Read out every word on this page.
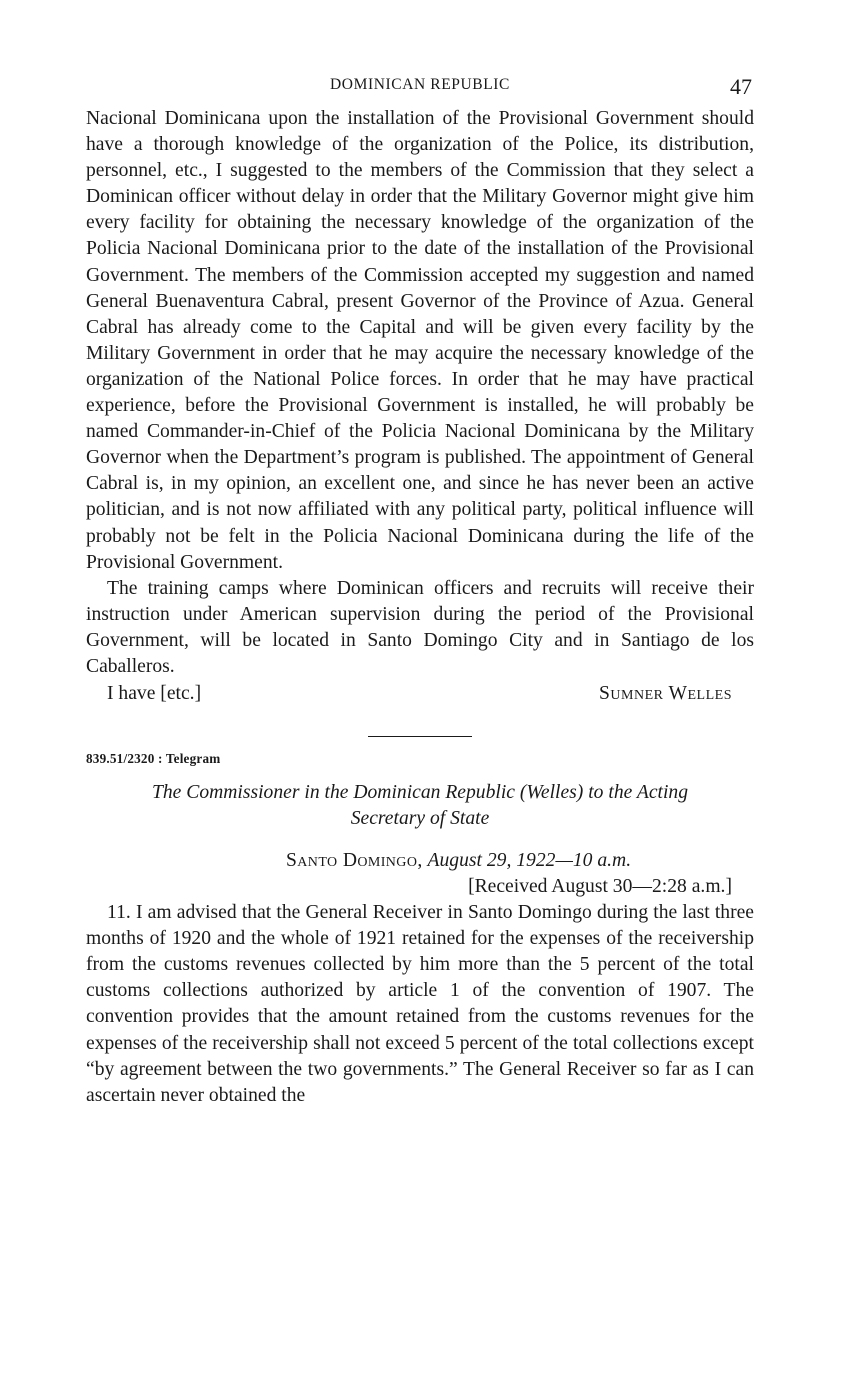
DOMINICAN REPUBLIC	47

Nacional Dominicana upon the installation of the Provisional Government should have a thorough knowledge of the organization of the Police, its distribution, personnel, etc., I suggested to the members of the Commission that they select a Dominican officer without delay in order that the Military Governor might give him every facility for obtaining the necessary knowledge of the organization of the Policia Nacional Dominicana prior to the date of the installation of the Provisional Government. The members of the Commission accepted my suggestion and named General Buenaventura Cabral, present Governor of the Province of Azua. General Cabral has already come to the Capital and will be given every facility by the Military Government in order that he may acquire the necessary knowledge of the organization of the National Police forces. In order that he may have practical experience, before the Provisional Government is installed, he will probably be named Commander-in-Chief of the Policia Nacional Dominicana by the Military Governor when the Department’s program is published. The appointment of General Cabral is, in my opinion, an excellent one, and since he has never been an active politician, and is not now affiliated with any political party, political influence will probably not be felt in the Policia Nacional Dominicana during the life of the Provisional Government.

The training camps where Dominican officers and recruits will receive their instruction under American supervision during the period of the Provisional Government, will be located in Santo Domingo City and in Santiago de los Caballeros.

I have [etc.]	Sumner Welles
839.51/2320 : Telegram
The Commissioner in the Dominican Republic (Welles) to the Acting
Secretary of State
Santo Domingo, August 29, 1922—10 a.m.
[Received August 30—2:28 a.m.]

11. I am advised that the General Receiver in Santo Domingo during the last three months of 1920 and the whole of 1921 retained for the expenses of the receivership from the customs revenues collected by him more than the 5 percent of the total customs collections authorized by article 1 of the convention of 1907. The convention provides that the amount retained from the customs revenues for the expenses of the receivership shall not exceed 5 percent of the total collections except “by agreement between the two governments.” The General Receiver so far as I can ascertain never obtained the
